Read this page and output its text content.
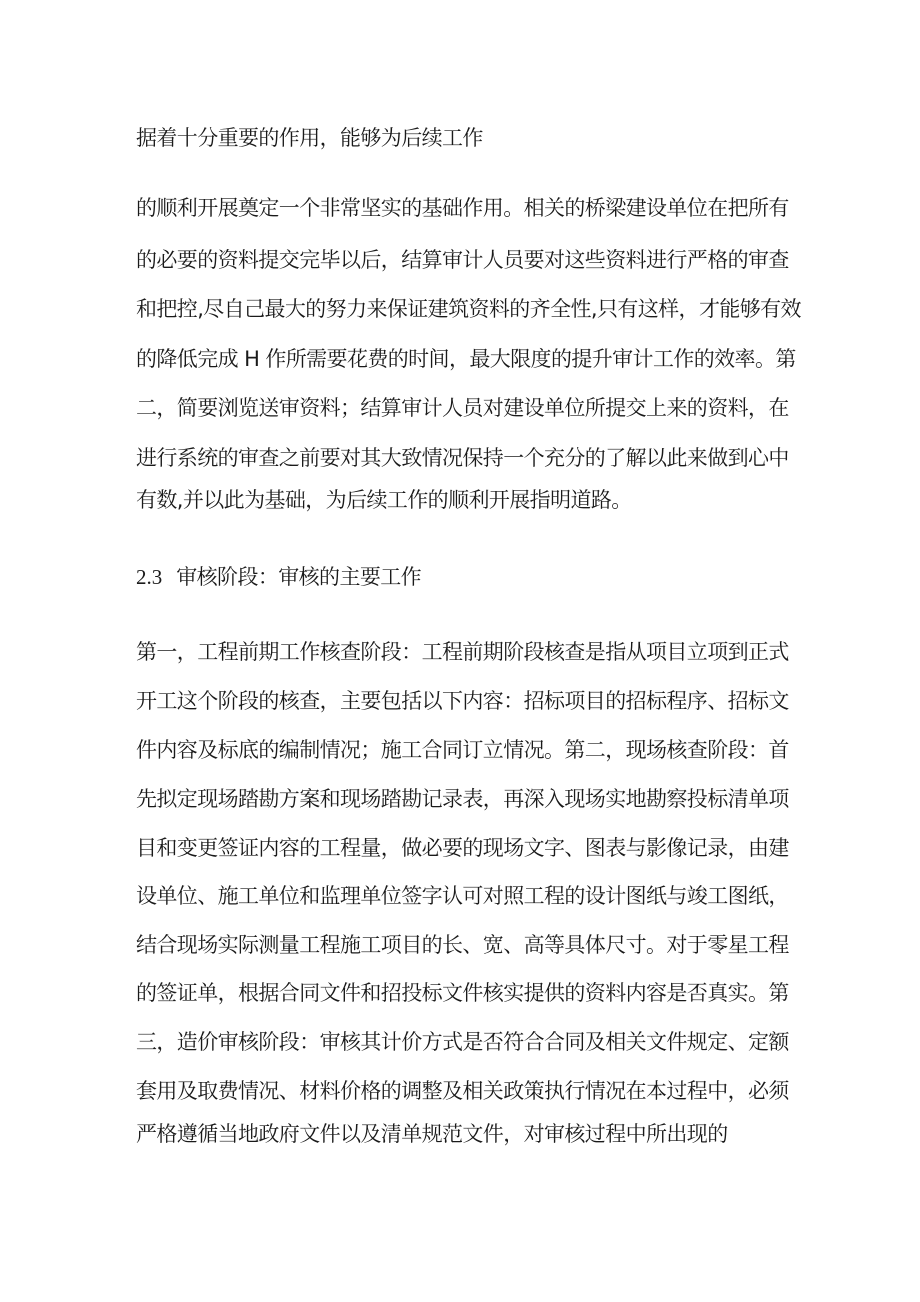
据着十分重要的作用，能够为后续工作
的顺利开展奠定一个非常坚实的基础作用。相关的桥梁建设单位在把所有
的必要的资料提交完毕以后，结算审计人员要对这些资料进行严格的审查
和把控,尽自己最大的努力来保证建筑资料的齐全性,只有这样，才能够有效
的降低完成 H 作所需要花费的时间，最大限度的提升审计工作的效率。第
二，简要浏览送审资料；结算审计人员对建设单位所提交上来的资料，在
进行系统的审查之前要对其大致情况保持一个充分的了解以此来做到心中
有数,并以此为基础，为后续工作的顺利开展指明道路。
2.3 审核阶段：审核的主要工作
第一，工程前期工作核查阶段：工程前期阶段核查是指从项目立项到正式
开工这个阶段的核查，主要包括以下内容：招标项目的招标程序、招标文
件内容及标底的编制情况；施工合同订立情况。第二，现场核查阶段：首
先拟定现场踏勘方案和现场踏勘记录表，再深入现场实地勘察投标清单项
目和变更签证内容的工程量，做必要的现场文字、图表与影像记录，由建
设单位、施工单位和监理单位签字认可对照工程的设计图纸与竣工图纸，
结合现场实际测量工程施工项目的长、宽、高等具体尺寸。对于零星工程
的签证单，根据合同文件和招投标文件核实提供的资料内容是否真实。第
三，造价审核阶段：审核其计价方式是否符合合同及相关文件规定、定额
套用及取费情况、材料价格的调整及相关政策执行情况在本过程中，必须
严格遵循当地政府文件以及清单规范文件，对审核过程中所出现的
